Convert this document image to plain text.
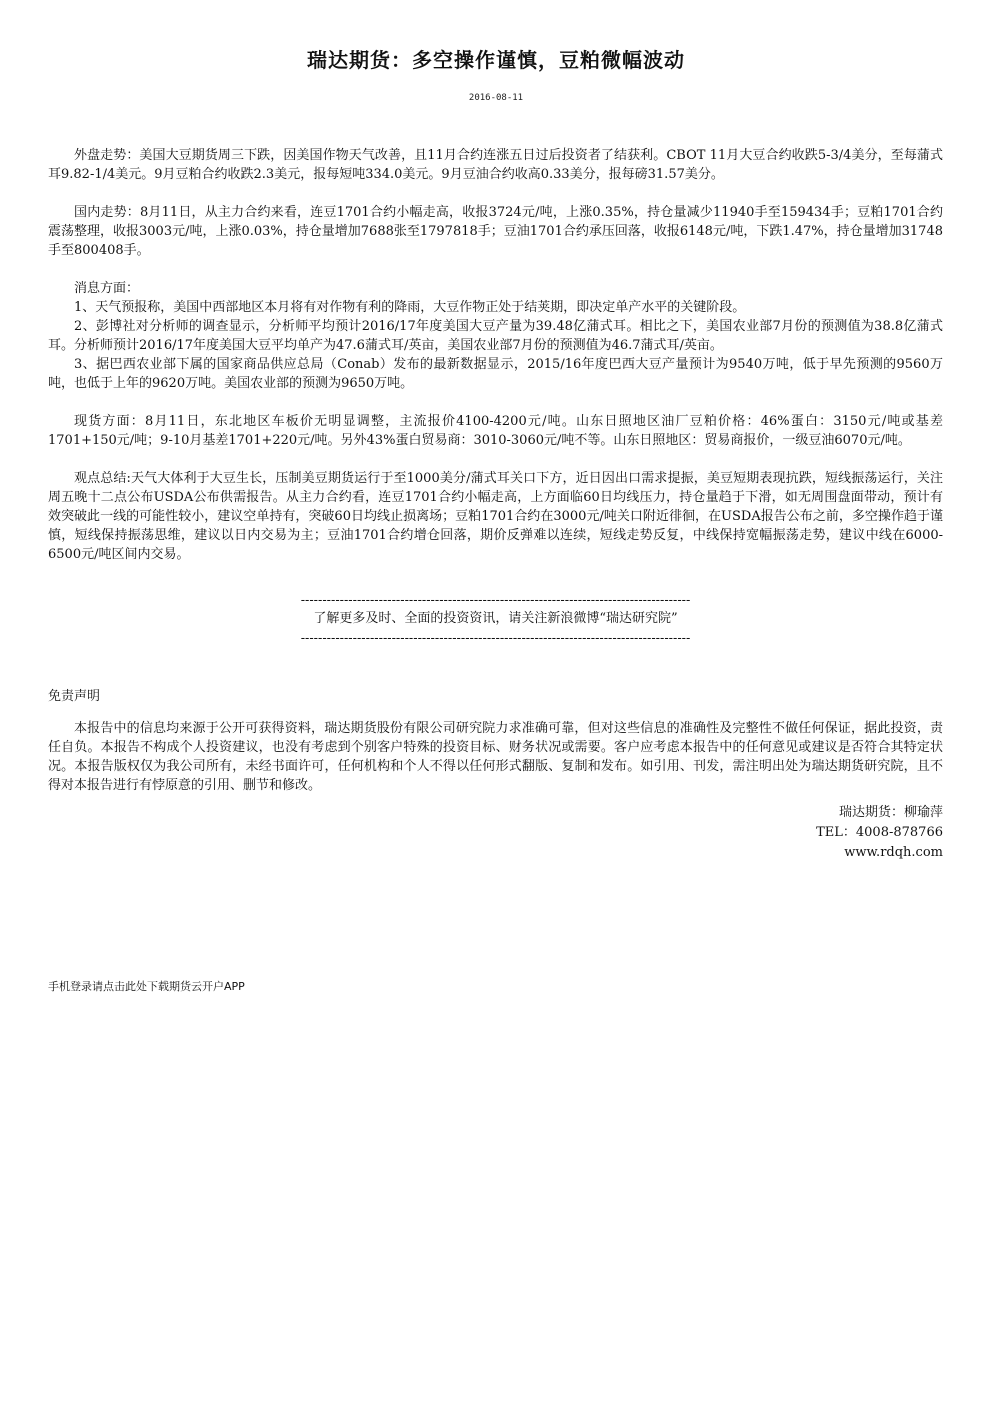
瑞达期货：多空操作谨慎，豆粕微幅波动
2016-08-11

外盘走势：美国大豆期货周三下跌，因美国作物天气改善，且11月合约连涨五日过后投资者了结获利。CBOT 11月大豆合约收跌5-3/4美分，至每蒲式耳9.82-1/4美元。9月豆粕合约收跌2.3美元，报每短吨334.0美元。9月豆油合约收高0.33美分，报每磅31.57美分。

国内走势：8月11日，从主力合约来看，连豆1701合约小幅走高，收报3724元/吨，上涨0.35%，持仓量减少11940手至159434手；豆粕1701合约震荡整理，收报3003元/吨，上涨0.03%，持仓量增加7688张至1797818手；豆油1701合约承压回落，收报6148元/吨，下跌1.47%，持仓量增加31748手至800408手。

消息方面：

1、天气预报称，美国中西部地区本月将有对作物有利的降雨，大豆作物正处于结荚期，即决定单产水平的关键阶段。

2、彭博社对分析师的调查显示，分析师平均预计2016/17年度美国大豆产量为39.48亿蒲式耳。相比之下，美国农业部7月份的预测值为38.8亿蒲式耳。分析师预计2016/17年度美国大豆平均单产为47.6蒲式耳/英亩，美国农业部7月份的预测值为46.7蒲式耳/英亩。

3、据巴西农业部下属的国家商品供应总局（Conab）发布的最新数据显示，2015/16年度巴西大豆产量预计为9540万吨，低于早先预测的9560万吨，也低于上年的9620万吨。美国农业部的预测为9650万吨。

现货方面：8月11日，东北地区车板价无明显调整，主流报价4100-4200元/吨。山东日照地区油厂豆粕价格：46%蛋白：3150元/吨或基差1701+150元/吨；9-10月基差1701+220元/吨。另外43%蛋白贸易商：3010-3060元/吨不等。山东日照地区：贸易商报价，一级豆油6070元/吨。

观点总结:天气大体利于大豆生长，压制美豆期货运行于至1000美分/蒲式耳关口下方，近日因出口需求提振，美豆短期表现抗跌，短线振荡运行，关注周五晚十二点公布USDA公布供需报告。从主力合约看，连豆1701合约小幅走高，上方面临60日均线压力，持仓量趋于下滑，如无周围盘面带动，预计有效突破此一线的可能性较小，建议空单持有，突破60日均线止损离场；豆粕1701合约在3000元/吨关口附近徘徊，在USDA报告公布之前，多空操作趋于谨慎，短线保持振荡思维，建议以日内交易为主；豆油1701合约增仓回落，期价反弹难以连续，短线走势反复，中线保持宽幅振荡走势，建议中线在6000-6500元/吨区间内交易。

------------------------------------------------------------------------------------------
了解更多及时、全面的投资资讯，请关注新浪微博“瑞达研究院”
------------------------------------------------------------------------------------------

免责声明

本报告中的信息均来源于公开可获得资料，瑞达期货股份有限公司研究院力求准确可靠，但对这些信息的准确性及完整性不做任何保证，据此投资，责任自负。本报告不构成个人投资建议，也没有考虑到个别客户特殊的投资目标、财务状况或需要。客户应考虑本报告中的任何意见或建议是否符合其特定状况。本报告版权仅为我公司所有，未经书面许可，任何机构和个人不得以任何形式翻版、复制和发布。如引用、刊发，需注明出处为瑞达期货研究院，且不得对本报告进行有悖原意的引用、删节和修改。

瑞达期货：柳瑜萍
TEL：4008-878766
www.rdqh.com
手机登录请点击此处下载期货云开户APP
